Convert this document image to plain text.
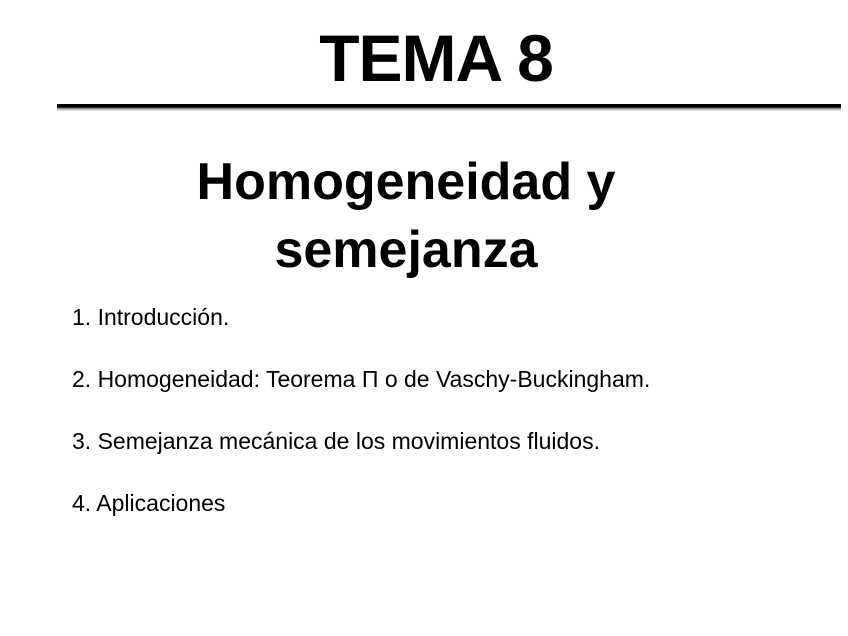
TEMA 8
Homogeneidad y
semejanza
1. Introducción.
2. Homogeneidad: Teorema Π o de Vaschy-Buckingham.
3. Semejanza mecánica de los movimientos fluidos.
4. Aplicaciones
